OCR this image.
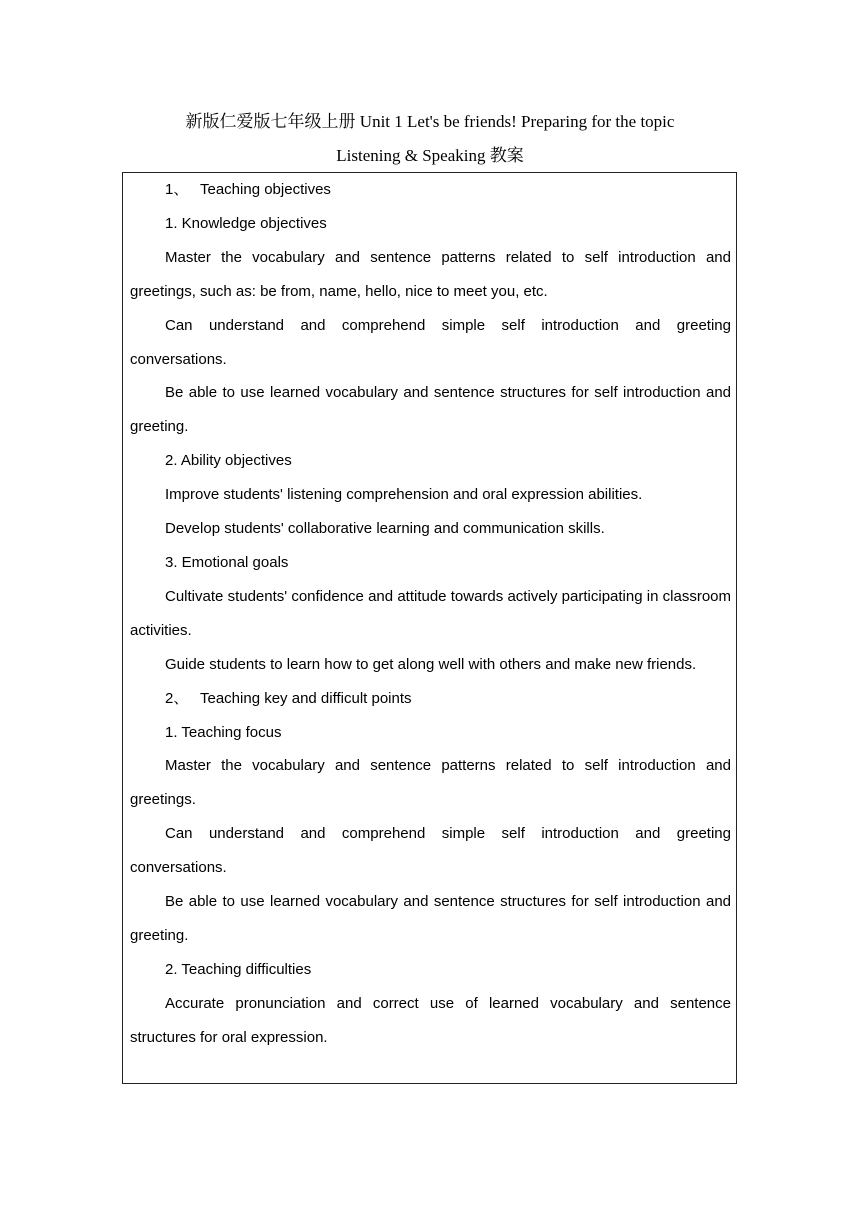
新版仁爱版七年级上册 Unit 1 Let's be friends! Preparing for the topic

Listening & Speaking 教案

1、 Teaching objectives

1. Knowledge objectives

Master the vocabulary and sentence patterns related to self introduction and greetings, such as: be from, name, hello, nice to meet you, etc.

Can understand and comprehend simple self introduction and greeting conversations.

Be able to use learned vocabulary and sentence structures for self introduction and greeting.

2. Ability objectives

Improve students' listening comprehension and oral expression abilities.

Develop students' collaborative learning and communication skills.

3. Emotional goals

Cultivate students' confidence and attitude towards actively participating in classroom activities.

Guide students to learn how to get along well with others and make new friends.

2、 Teaching key and difficult points

1. Teaching focus

Master the vocabulary and sentence patterns related to self introduction and greetings.

Can understand and comprehend simple self introduction and greeting conversations.

Be able to use learned vocabulary and sentence structures for self introduction and greeting.

2. Teaching difficulties

Accurate pronunciation and correct use of learned vocabulary and sentence structures for oral expression.
